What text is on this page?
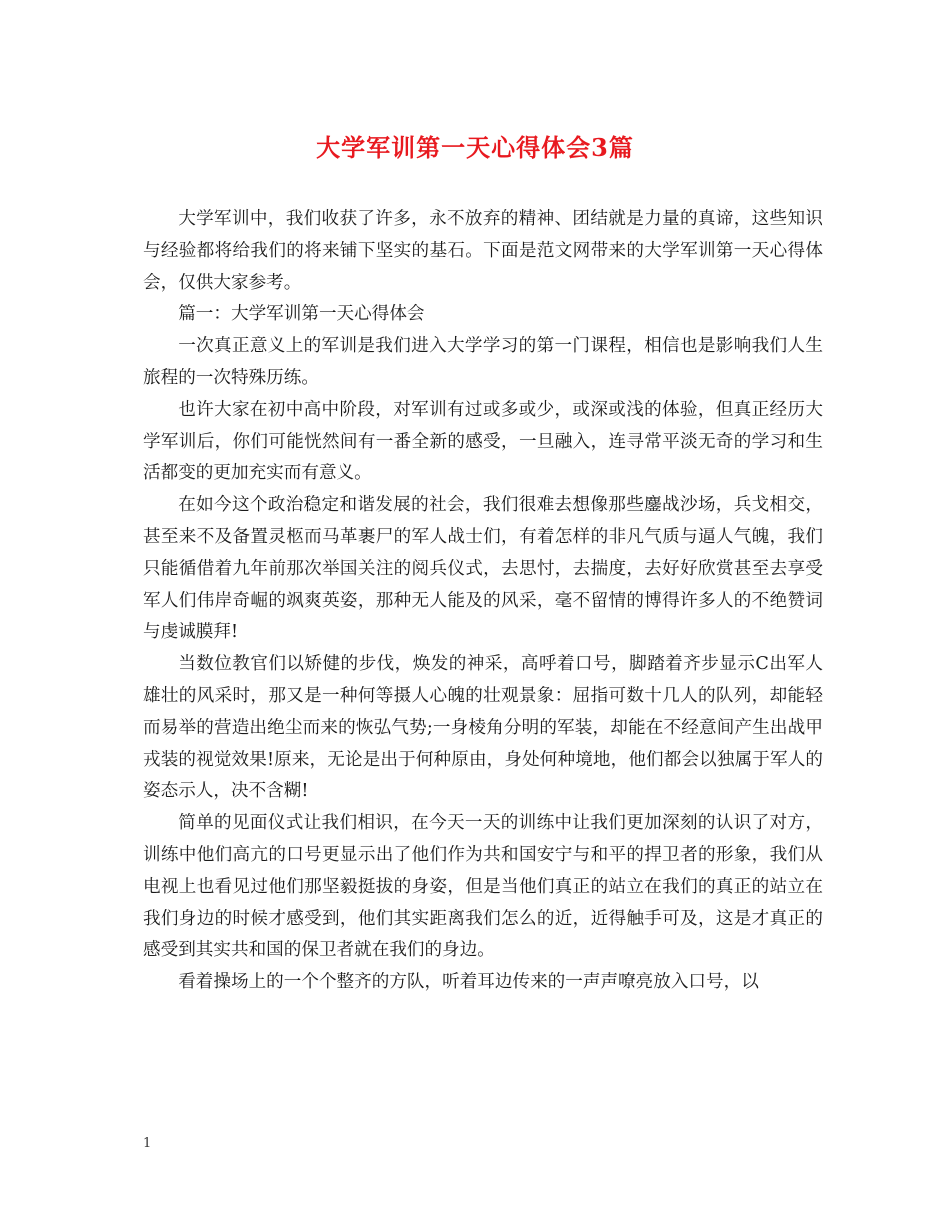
大学军训第一天心得体会3篇

大学军训中，我们收获了许多，永不放弃的精神、团结就是力量的真谛，这些知识与经验都将给我们的将来铺下坚实的基石。下面是范文网带来的大学军训第一天心得体会，仅供大家参考。

篇一：大学军训第一天心得体会

一次真正意义上的军训是我们进入大学学习的第一门课程，相信也是影响我们人生旅程的一次特殊历练。

也许大家在初中高中阶段，对军训有过或多或少，或深或浅的体验，但真正经历大学军训后，你们可能恍然间有一番全新的感受，一旦融入，连寻常平淡无奇的学习和生活都变的更加充实而有意义。

在如今这个政治稳定和谐发展的社会，我们很难去想像那些鏖战沙场，兵戈相交，甚至来不及备置灵柩而马革裹尸的军人战士们，有着怎样的非凡气质与逼人气魄，我们只能循借着九年前那次举国关注的阅兵仪式，去思忖，去揣度，去好好欣赏甚至去享受军人们伟岸奇崛的飒爽英姿，那种无人能及的风采，毫不留情的博得许多人的不绝赞词与虔诚膜拜!

当数位教官们以矫健的步伐，焕发的神采，高呼着口号，脚踏着齐步显示C出军人雄壮的风采时，那又是一种何等摄人心魄的壮观景象：屈指可数十几人的队列，却能轻而易举的营造出绝尘而来的恢弘气势;一身棱角分明的军装，却能在不经意间产生出战甲戎装的视觉效果!原来，无论是出于何种原由，身处何种境地，他们都会以独属于军人的姿态示人，决不含糊!

简单的见面仪式让我们相识，在今天一天的训练中让我们更加深刻的认识了对方，训练中他们高亢的口号更显示出了他们作为共和国安宁与和平的捍卫者的形象，我们从电视上也看见过他们那坚毅挺拔的身姿，但是当他们真正的站立在我们的真正的站立在我们身边的时候才感受到，他们其实距离我们怎么的近，近得触手可及，这是才真正的感受到其实共和国的保卫者就在我们的身边。

看着操场上的一个个整齐的方队，听着耳边传来的一声声嘹亮放入口号，以

1
